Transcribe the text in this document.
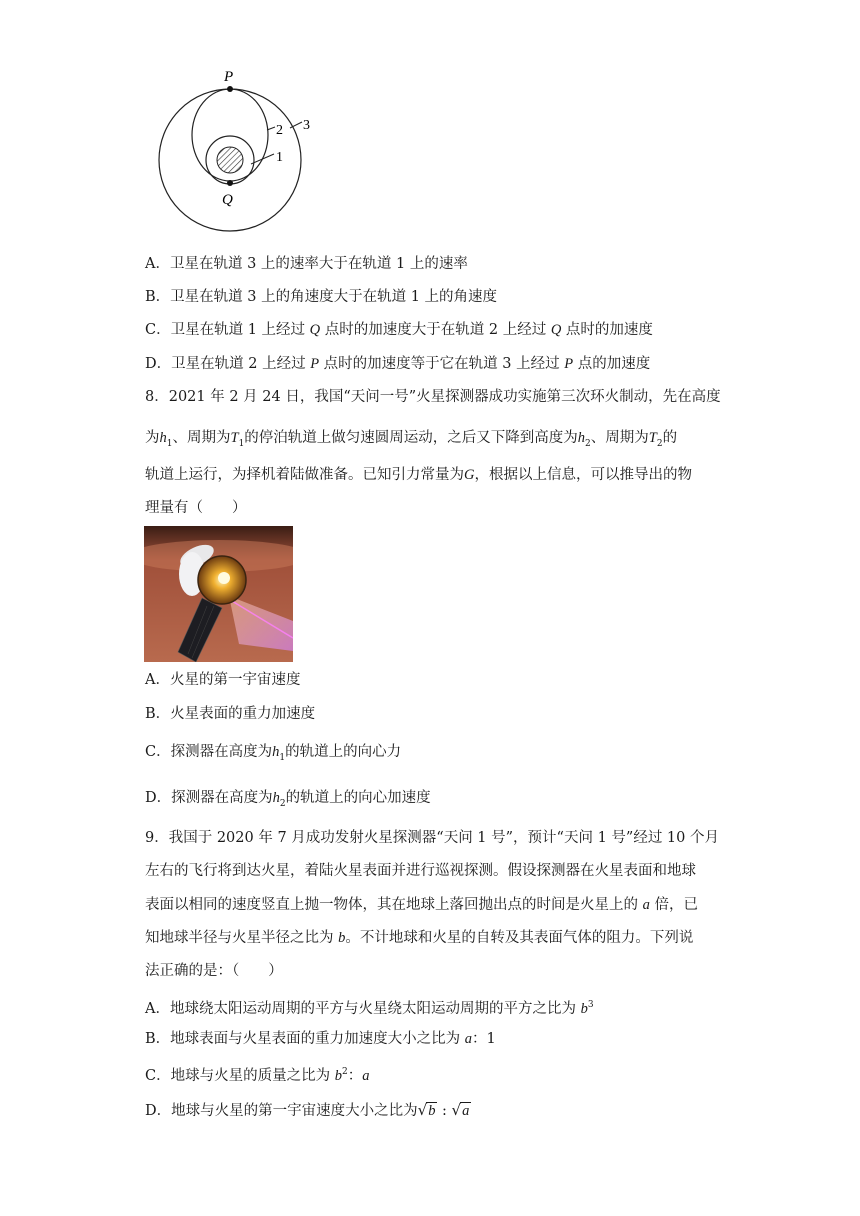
P
Q
1
2 3
A．卫星在轨道 3 上的速率大于在轨道 1 上的速率
B．卫星在轨道 3 上的角速度大于在轨道 1 上的角速度
C．卫星在轨道 1 上经过 Q 点时的加速度大于在轨道 2 上经过 Q 点时的加速度
D．卫星在轨道 2 上经过 P 点时的加速度等于它在轨道 3 上经过 P 点的加速度
8．2021 年 2 月 24 日，我国“天问一号”火星探测器成功实施第三次环火制动，先在高度
为$h_1$、周期为$T_1$的停泊轨道上做匀速圆周运动，之后又下降到高度为$h_2$、周期为$T_2$的
轨道上运行，为择机着陆做准备。已知引力常量为G，根据以上信息，可以推导出的物
理量有（　　）
A．火星的第一宇宙速度
B．火星表面的重力加速度
C．探测器在高度为$h_1$的轨道上的向心力
D．探测器在高度为$h_2$的轨道上的向心加速度
9．我国于 2020 年 7 月成功发射火星探测器“天问 1 号”，预计“天问 1 号”经过 10 个月
左右的飞行将到达火星，着陆火星表面并进行巡视探测。假设探测器在火星表面和地球
表面以相同的速度竖直上抛一物体，其在地球上落回抛出点的时间是火星上的 a 倍，已
知地球半径与火星半径之比为 b。不计地球和火星的自转及其表面气体的阻力。下列说
法正确的是：（　　）
A．地球绕太阳运动周期的平方与火星绕太阳运动周期的平方之比为 $b^3$
B．地球表面与火星表面的重力加速度大小之比为 a：1
C．地球与火星的质量之比为 $b^2$：a
D．地球与火星的第一宇宙速度大小之比为√b : √a
